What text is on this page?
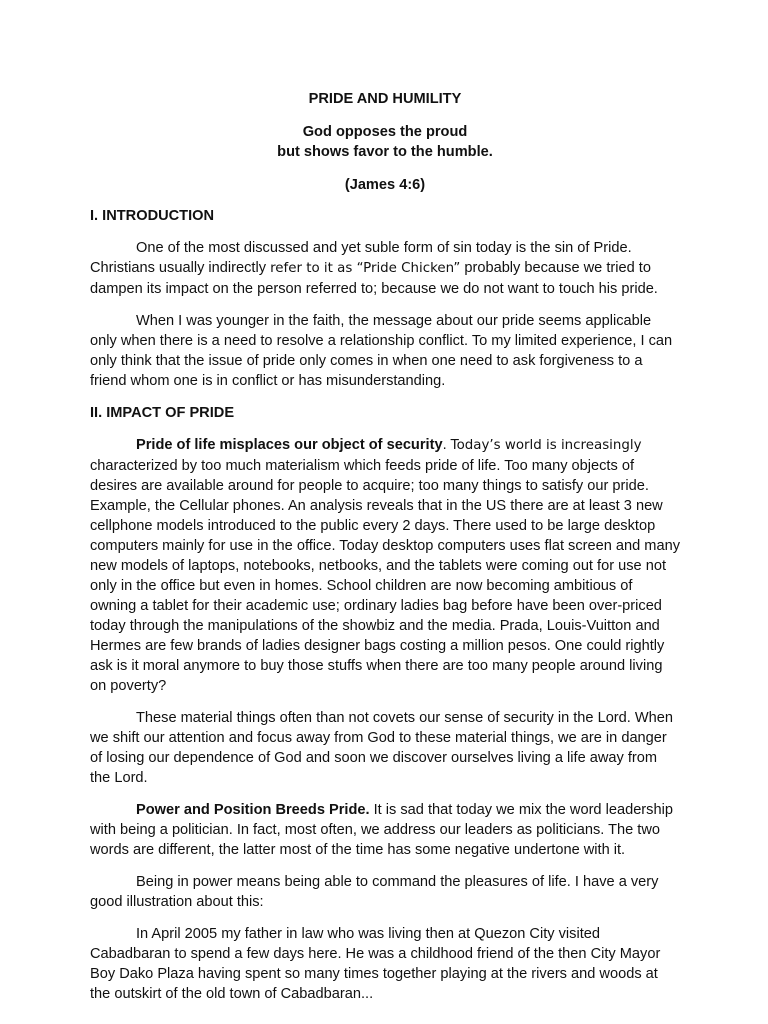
PRIDE AND HUMILITY
God opposes the proud
but shows favor to the humble.
(James 4:6)
I. INTRODUCTION

One of the most discussed and yet suble form of sin today is the sin of Pride. Christians usually indirectly refer to it as “Pride Chicken” probably because we tried to dampen its impact on the person referred to; because we do not want to touch his pride.

When I was younger in the faith, the message about our pride seems applicable only when there is a need to resolve a relationship conflict. To my limited experience, I can only think that the issue of pride only comes in when one need to ask forgiveness to a friend whom one is in conflict or has misunderstanding.

II. IMPACT OF PRIDE

Pride of life misplaces our object of security. Today’s world is increasingly characterized by too much materialism which feeds pride of life. Too many objects of desires are available around for people to acquire; too many things to satisfy our pride. Example, the Cellular phones. An analysis reveals that in the US there are at least 3 new cellphone models introduced to the public every 2 days. There used to be large desktop computers mainly for use in the office. Today desktop computers uses flat screen and many new models of laptops, notebooks, netbooks, and the tablets were coming out for use not only in the office but even in homes. School children are now becoming ambitious of owning a tablet for their academic use; ordinary ladies bag before have been over-priced today through the manipulations of the showbiz and the media. Prada, Louis-Vuitton and Hermes are few brands of ladies designer bags costing a million pesos. One could rightly ask is it moral anymore to buy those stuffs when there are too many people around living on poverty?

These material things often than not covets our sense of security in the Lord. When we shift our attention and focus away from God to these material things, we are in danger of losing our dependence of God and soon we discover ourselves living a life away from the Lord.

Power and Position Breeds Pride. It is sad that today we mix the word leadership with being a politician. In fact, most often, we address our leaders as politicians. The two words are different, the latter most of the time has some negative undertone with it.

Being in power means being able to command the pleasures of life. I have a very good illustration about this:

In April 2005 my father in law who was living then at Quezon City visited Cabadbaran to spend a few days here. He was a childhood friend of the then City Mayor Boy Dako Plaza having spent so many times together playing at the rivers and woods at the outskirt of the old town of Cabadbaran...
